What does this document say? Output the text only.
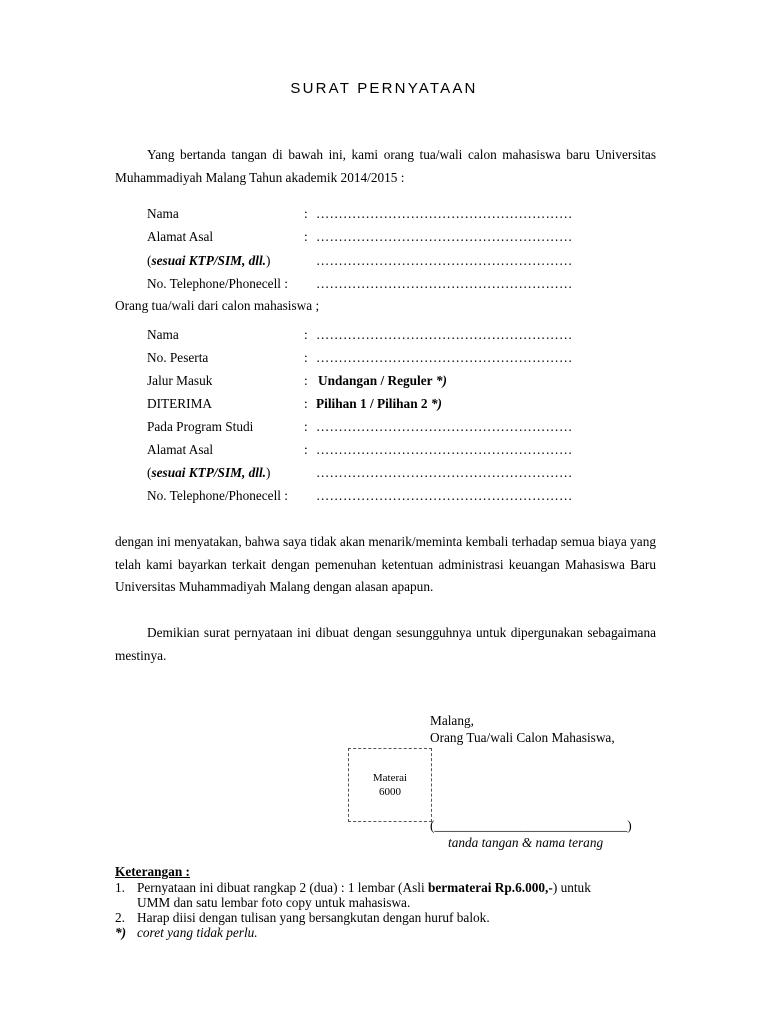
SURAT PERNYATAAN
Yang bertanda tangan di bawah ini, kami orang tua/wali calon mahasiswa baru Universitas Muhammadiyah Malang Tahun akademik 2014/2015 :
Nama	: …………………………………………………
Alamat Asal	: …………………………………………………
(sesuai KTP/SIM, dll.)	…………………………………………………
No. Telephone/Phonecell : …………………………………………………
Orang tua/wali dari calon mahasiswa ;
Nama	: …………………………………………………
No. Peserta	: …………………………………………………
Jalur Masuk	: Undangan / Reguler *)
DITERIMA	: Pilihan 1 / Pilihan 2 *)
Pada Program Studi	: …………………………………………………
Alamat Asal	: …………………………………………………
(sesuai KTP/SIM, dll.)	…………………………………………………
No. Telephone/Phonecell : …………………………………………………
dengan ini menyatakan, bahwa saya tidak akan menarik/meminta kembali terhadap semua biaya yang telah kami bayarkan terkait dengan pemenuhan ketentuan administrasi keuangan Mahasiswa Baru Universitas Muhammadiyah Malang dengan alasan apapun.
Demikian surat pernyataan ini dibuat dengan sesungguhnya untuk dipergunakan sebagaimana mestinya.
Malang,
Orang Tua/wali Calon Mahasiswa,
Materai
6000
(_____________________________)
tanda tangan & nama terang
Keterangan :
1. Pernyataan ini dibuat rangkap 2 (dua) : 1 lembar (Asli bermaterai Rp.6.000,-) untuk
UMM dan satu lembar foto copy untuk mahasiswa.
2. Harap diisi dengan tulisan yang bersangkutan dengan huruf balok.
*) coret yang tidak perlu.
